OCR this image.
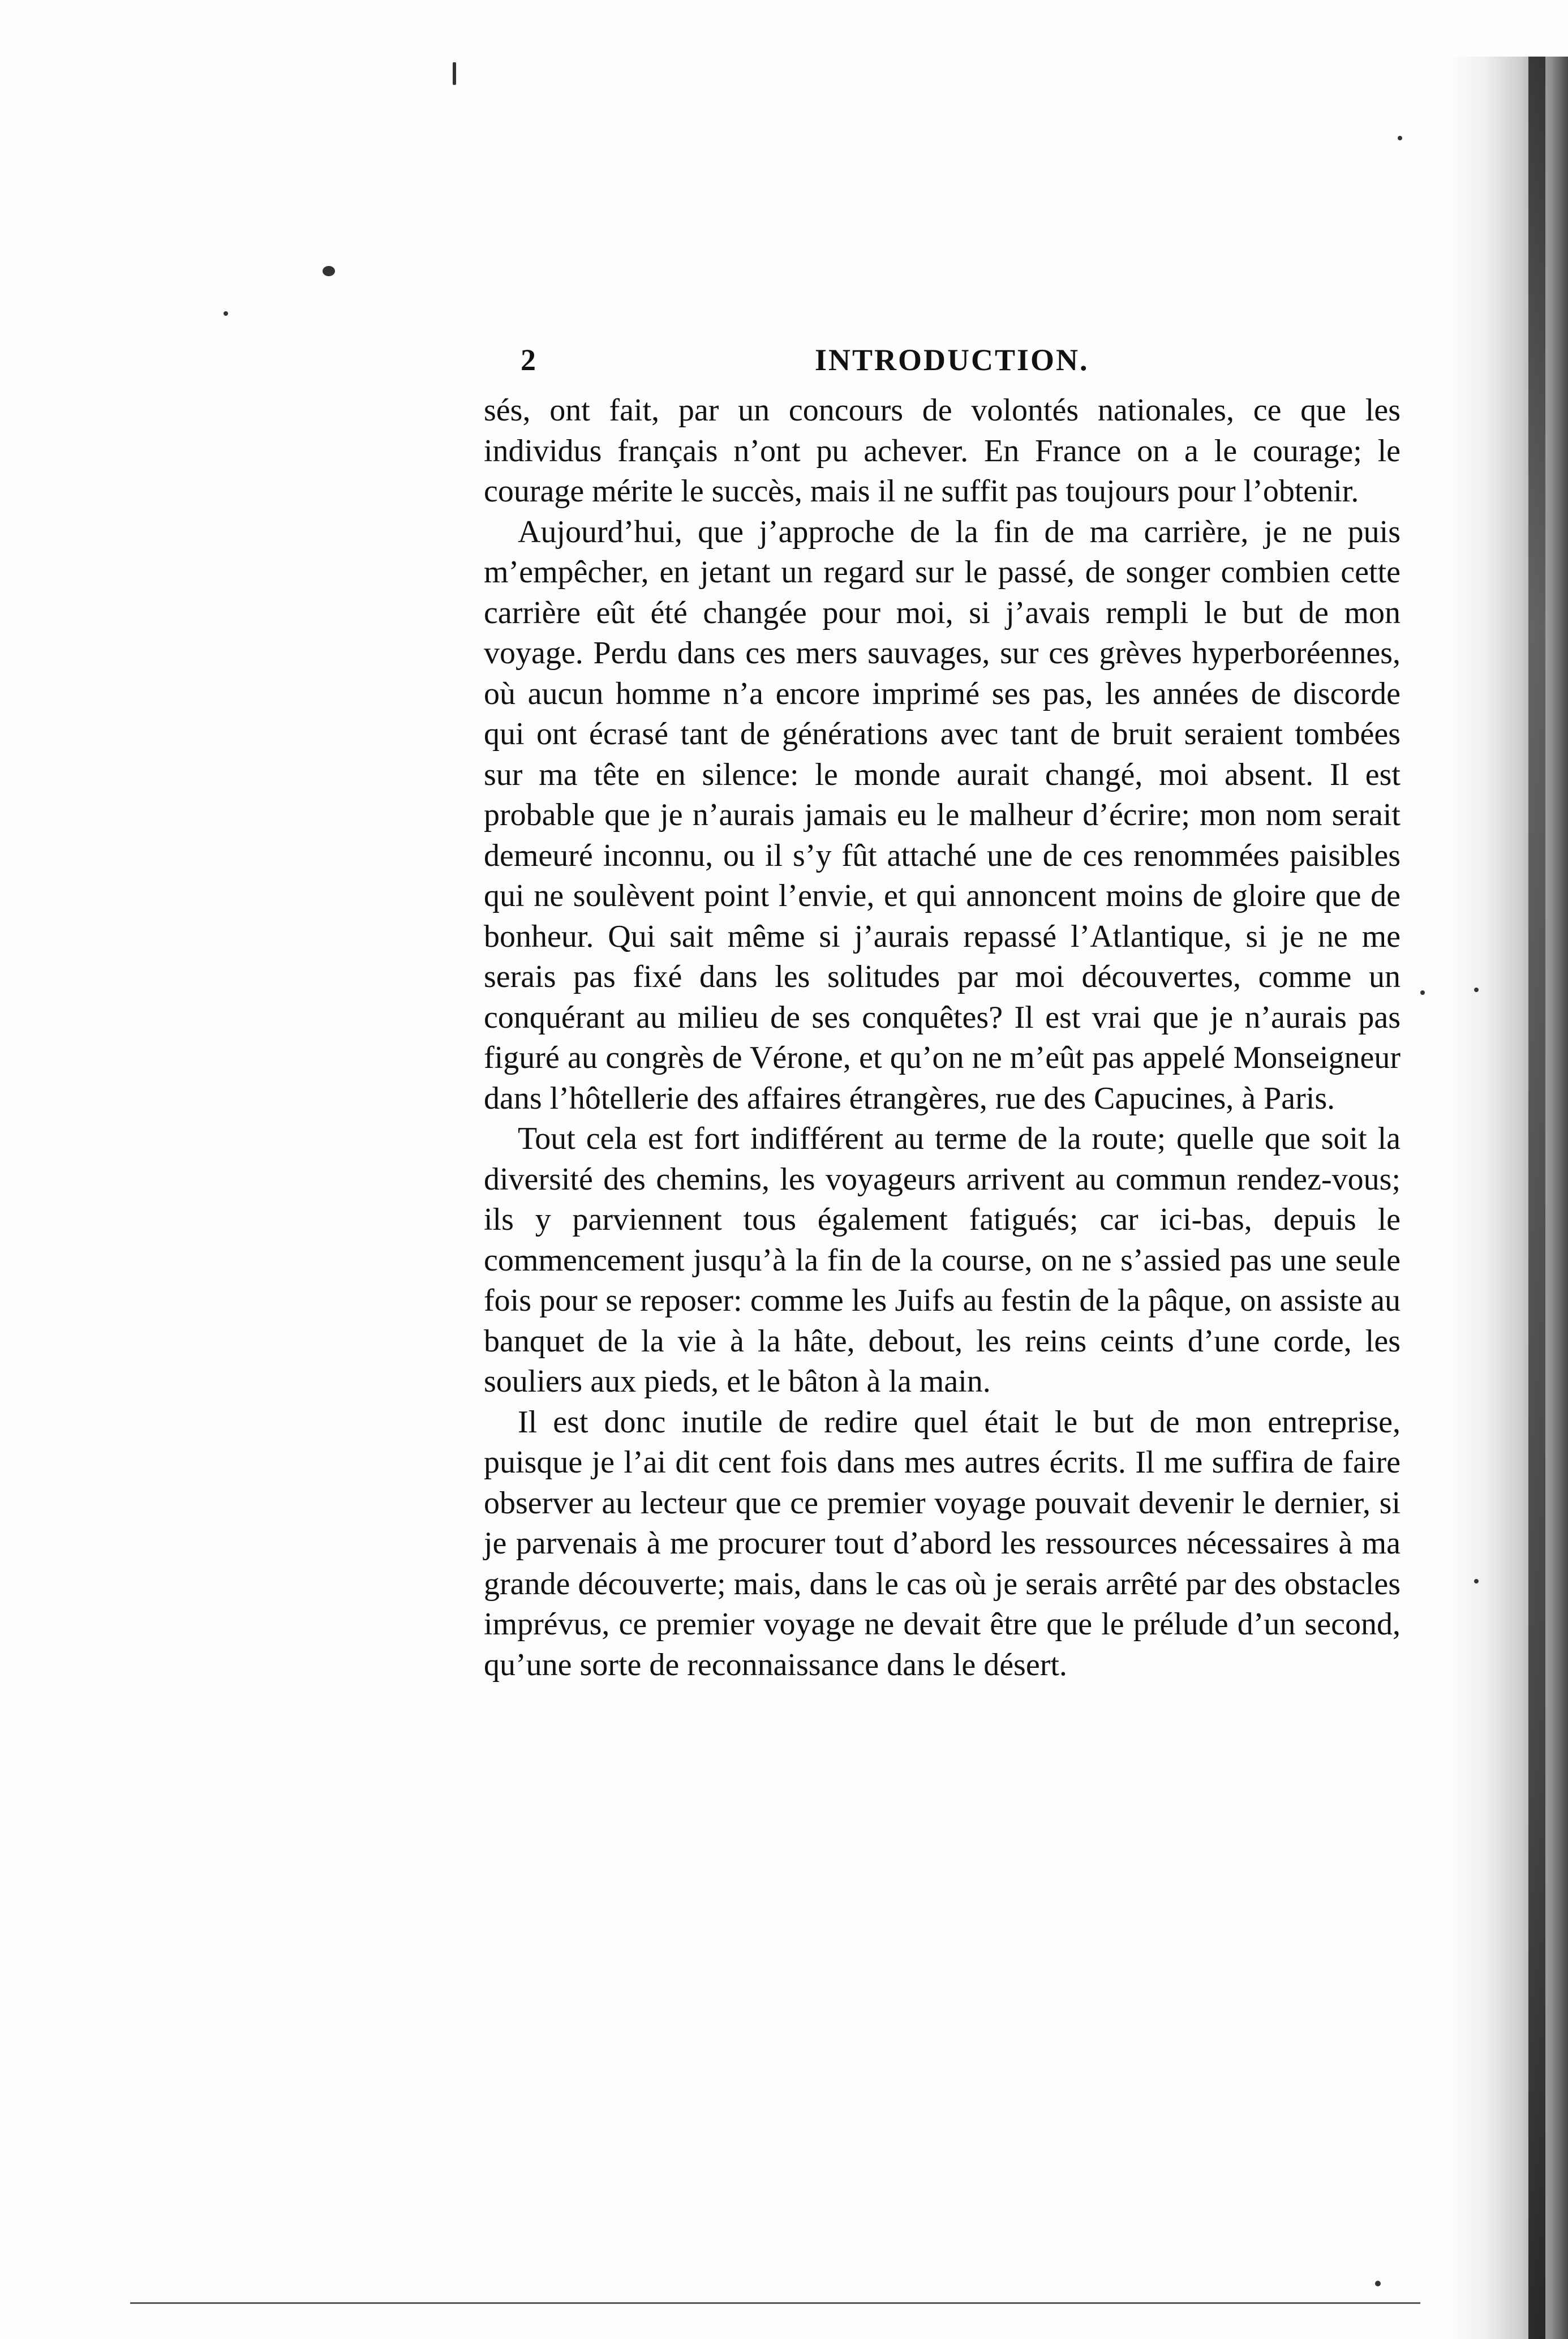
2	INTRODUCTION.

sés, ont fait, par un concours de volontés nationales, ce que les individus français n’ont pu achever. En France on a le courage; le courage mérite le succès, mais il ne suffit pas toujours pour l’obtenir.

Aujourd’hui, que j’approche de la fin de ma carrière, je ne puis m’empêcher, en jetant un regard sur le passé, de songer combien cette carrière eût été changée pour moi, si j’avais rempli le but de mon voyage. Perdu dans ces mers sauvages, sur ces grèves hyperboréennes, où aucun homme n’a encore imprimé ses pas, les années de discorde qui ont écrasé tant de générations avec tant de bruit seraient tombées sur ma tête en silence: le monde aurait changé, moi absent. Il est probable que je n’aurais jamais eu le malheur d’écrire; mon nom serait demeuré inconnu, ou il s’y fût attaché une de ces renommées paisibles qui ne soulèvent point l’envie, et qui annoncent moins de gloire que de bonheur. Qui sait même si j’aurais repassé l’Atlantique, si je ne me serais pas fixé dans les solitudes par moi découvertes, comme un conquérant au milieu de ses conquêtes? Il est vrai que je n’aurais pas figuré au congrès de Vérone, et qu’on ne m’eût pas appelé Monseigneur dans l’hôtellerie des affaires étrangères, rue des Capucines, à Paris.

Tout cela est fort indifférent au terme de la route; quelle que soit la diversité des chemins, les voyageurs arrivent au commun rendez-vous; ils y parviennent tous également fatigués; car ici-bas, depuis le commencement jusqu’à la fin de la course, on ne s’assied pas une seule fois pour se reposer: comme les Juifs au festin de la pâque, on assiste au banquet de la vie à la hâte, debout, les reins ceints d’une corde, les souliers aux pieds, et le bâton à la main.

Il est donc inutile de redire quel était le but de mon entreprise, puisque je l’ai dit cent fois dans mes autres écrits. Il me suffira de faire observer au lecteur que ce premier voyage pouvait devenir le dernier, si je parvenais à me procurer tout d’abord les ressources nécessaires à ma grande découverte; mais, dans le cas où je serais arrêté par des obstacles imprévus, ce premier voyage ne devait être que le prélude d’un second, qu’une sorte de reconnaissance dans le désert.
